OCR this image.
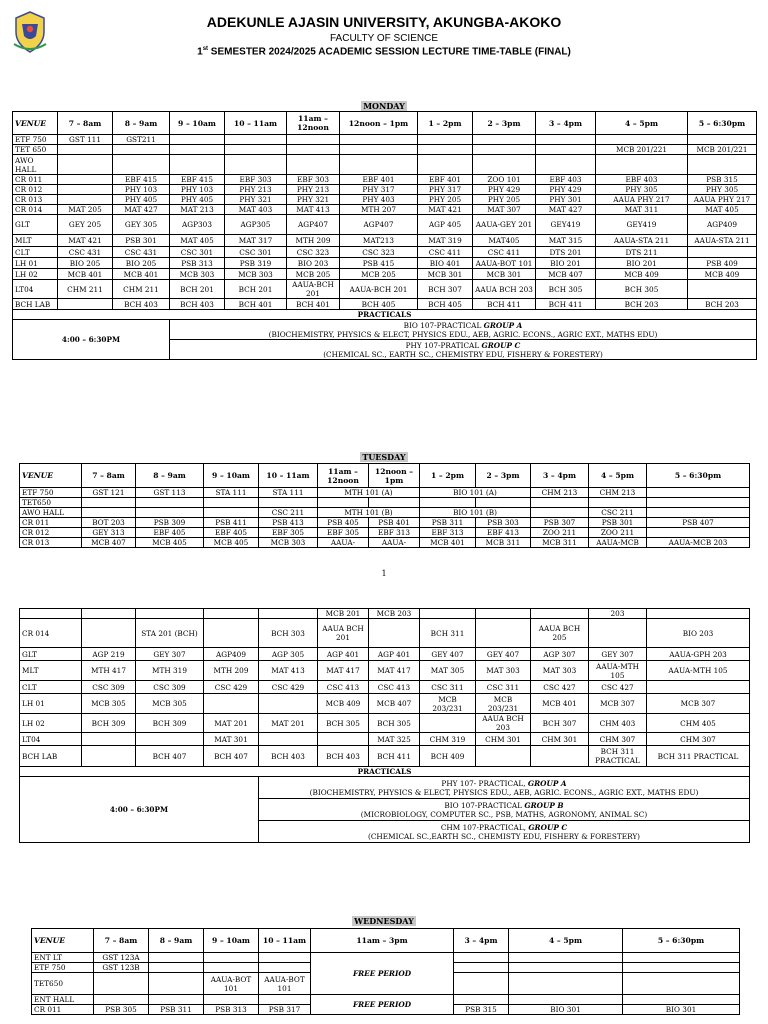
ADEKUNLE AJASIN UNIVERSITY, AKUNGBA-AKOKO
FACULTY OF SCIENCE
1st SEMESTER 2024/2025 ACADEMIC SESSION LECTURE TIME-TABLE (FINAL)
MONDAY
VENUE	7 – 8am	8 – 9am	9 – 10am	10 – 11am	11am – 12noon	12noon – 1pm	1 – 2pm	2 – 3pm	3 – 4pm	4 – 5pm	5 – 6:30pm
ETF 750	GST 111	GST211									
TET 650										MCB 201/221	MCB 201/221
AWO HALL											
CR 011		EBF 415	EBF 415	EBF 303	EBF 303	EBF 401	EBF 401	ZOO 101	EBF 403	EBF 403	PSB 315
CR 012		PHY 103	PHY 103	PHY 213	PHY 213	PHY 317	PHY 317	PHY 429	PHY 429	PHY 305	PHY 305
CR 013		PHY 405	PHY 405	PHY 321	PHY 321	PHY 403	PHY 205	PHY 205	PHY 301	AAUA PHY 217	AAUA PHY 217
CR 014	MAT 205	MAT 427	MAT 213	MAT 403	MAT 413	MTH 207	MAT 421	MAT 307	MAT 427	MAT 311	MAT 405
GLT	GEY 205	GEY 305	AGP303	AGP305	AGP407	AGP407	AGP 405	AAUA-GEY 201	GEY419	GEY419	AGP409
MLT	MAT 421	PSB 301	MAT 405	MAT 317	MTH 209	MAT213	MAT 319	MAT405	MAT 315	AAUA-STA 211	AAUA-STA 211
CLT	CSC 431	CSC 431	CSC 301	CSC 301	CSC 323	CSC 323	CSC 411	CSC 411	DTS 201	DTS 211	
LH 01	BIO 205	BIO 205	PSB 313	PSB 319	BIO 203	PSB 415	BIO 401	AAUA-BOT 101	BIO 201	BIO 201	PSB 409
LH 02	MCB 401	MCB 401	MCB 303	MCB 303	MCB 205	MCB 205	MCB 301	MCB 301	MCB 407	MCB 409	MCB 409
LT04	CHM 211	CHM 211	BCH 201	BCH 201	AAUA-BCH 201	AAUA-BCH 201	BCH 307	AAUA BCH 203	BCH 305	BCH 305	
BCH LAB		BCH 403	BCH 403	BCH 401	BCH 401	BCH 405	BCH 405	BCH 411	BCH 411	BCH 203	BCH 203
PRACTICALS											
4:00 – 6:30PM			BIO 107-PRACTICAL GROUP A
(BIOCHEMISTRY, PHYSICS & ELECT, PHYSICS EDU., AEB, AGRIC. ECONS., AGRIC EXT., MATHS EDU)								
			PHY 107-PRATICAL GROUP C
(CHEMICAL SC., EARTH SC., CHEMISTRY EDU, FISHERY & FORESTERY)								
1
TUESDAY
VENUE	7 – 8am	8 – 9am	9 – 10am	10 – 11am	11am – 12noon	12noon – 1pm	1 – 2pm	2 – 3pm	3 – 4pm	4 – 5pm	5 – 6:30pm
ETF 750	GST 121	GST 113	STA 111	STA 111	MTH 101 (A)		BIO 101 (A)		CHM 213	CHM 213	
TET650											
AWO HALL				CSC 211	MTH 101 (B)		BIO 101 (B)			CSC 211	
CR 011	BOT 203	PSB 309	PSB 411	PSB 413	PSB 405	PSB 401	PSB 311	PSB 303	PSB 307	PSB 301	PSB 407
CR 012	GEY 313	EBF 405	EBF 405	EBF 305	EBF 305	EBF 313	EBF 313	EBF 413	ZOO 211	ZOO 211	
CR 013	MCB 407	MCB 405	MCB 405	MCB 303	AAUA-	AAUA-	MCB 401	MCB 311	MCB 311	AAUA-MCB	AAUA-MCB 203
					MCB 201	MCB 203				203	
CR 014		STA 201 (BCH)		BCH 303	AAUA BCH 201		BCH 311		AAUA BCH 205		BIO 203
GLT	AGP 219	GEY 307	AGP409	AGP 305	AGP 401	AGP 401	GEY 407	GEY 407	AGP 307	GEY 307	AAUA-GPH 203
MLT	MTH 417	MTH 319	MTH 209	MAT 413	MAT 417	MAT 417	MAT 305	MAT 303	MAT 303	AAUA-MTH 105	AAUA-MTH 105
CLT	CSC 309	CSC 309	CSC 429	CSC 429	CSC 413	CSC 413	CSC 311	CSC 311	CSC 427	CSC 427	
LH 01	MCB 305	MCB 305			MCB 409	MCB 407	MCB 203/231	MCB 203/231	MCB 401	MCB 307	MCB 307
LH 02	BCH 309	BCH 309	MAT 201	MAT 201	BCH 305	BCH 305		AAUA BCH 203	BCH 307	CHM 403	CHM 405
LT04			MAT 301			MAT 325	CHM 319	CHM 301	CHM 301	CHM 307	CHM 307
BCH LAB		BCH 407	BCH 407	BCH 403	BCH 403	BCH 411	BCH 409			BCH 311 PRACTICAL	BCH 311 PRACTICAL
PRACTICALS											
4:00 – 6:30PM				PHY 107- PRACTICAL, GROUP A
(BIOCHEMISTRY, PHYSICS & ELECT, PHYSICS EDU., AEB, AGRIC. ECONS., AGRIC EXT., MATHS EDU)							
				BIO 107-PRACTICAL GROUP B
(MICROBIOLOGY, COMPUTER SC., PSB, MATHS, AGRONOMY, ANIMAL SC)							
				CHM 107-PRACTICAL, GROUP C
(CHEMICAL SC.,EARTH SC., CHEMISTY EDU, FISHERY & FORESTERY)							
WEDNESDAY
VENUE	7 – 8am	8 – 9am	9 – 10am	10 – 11am	11am – 3pm	3 – 4pm	4 – 5pm	5 – 6:30pm
ENT LT	GST 123A				FREE PERIOD			
ETF 750	GST 123B							
TET650			AAUA-BOT 101	AAUA-BOT 101				
ENT HALL					FREE PERIOD			
CR 011	PSB 305	PSB 311	PSB 313	PSB 317		PSB 315	BIO 301	BIO 301
